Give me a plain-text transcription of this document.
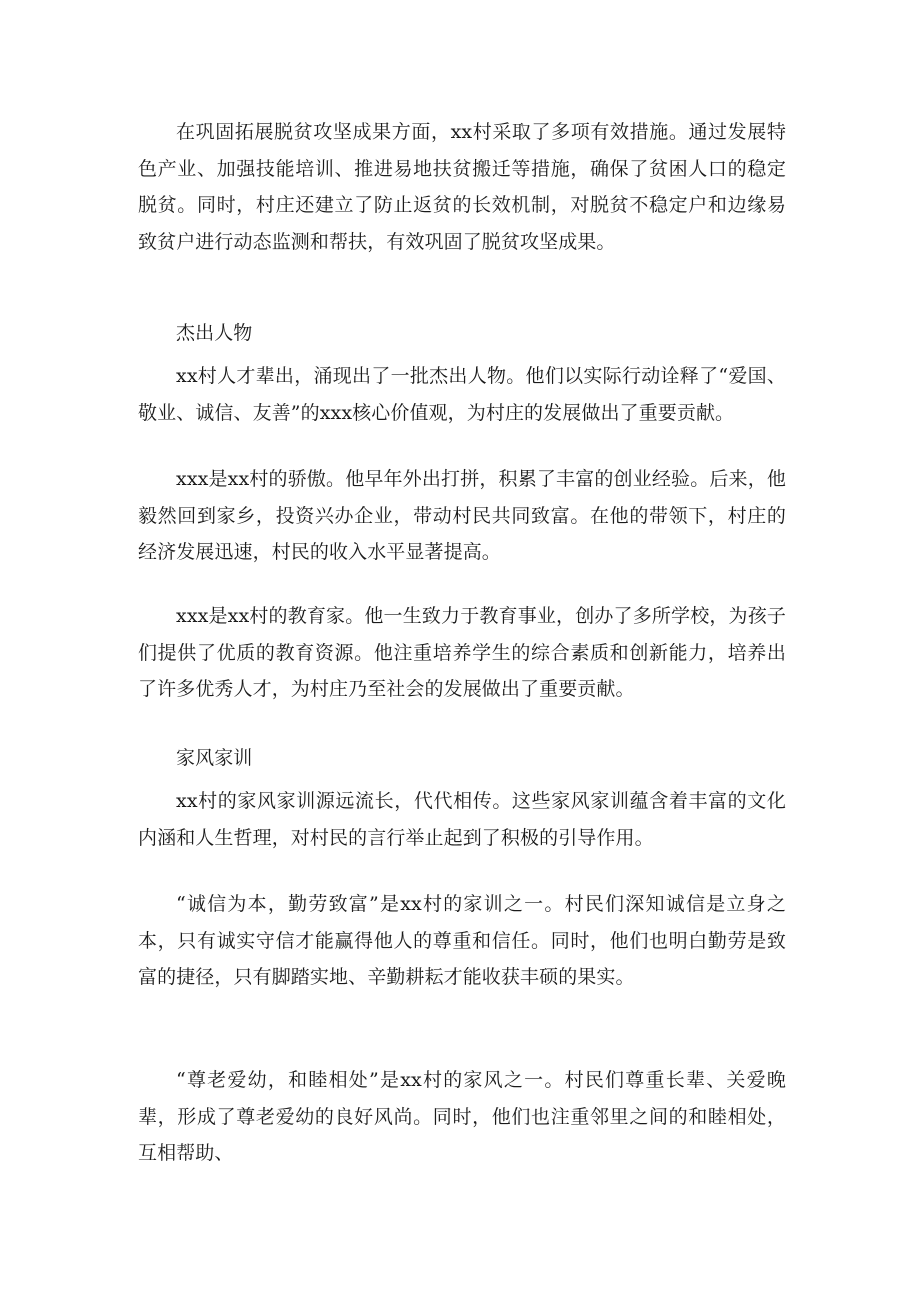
在巩固拓展脱贫攻坚成果方面，xx村采取了多项有效措施。通过发展特色产业、加强技能培训、推进易地扶贫搬迁等措施，确保了贫困人口的稳定脱贫。同时，村庄还建立了防止返贫的长效机制，对脱贫不稳定户和边缘易致贫户进行动态监测和帮扶，有效巩固了脱贫攻坚成果。

杰出人物

xx村人才辈出，涌现出了一批杰出人物。他们以实际行动诠释了“爱国、敬业、诚信、友善”的xxx核心价值观，为村庄的发展做出了重要贡献。

xxx是xx村的骄傲。他早年外出打拼，积累了丰富的创业经验。后来，他毅然回到家乡，投资兴办企业，带动村民共同致富。在他的带领下，村庄的经济发展迅速，村民的收入水平显著提高。

xxx是xx村的教育家。他一生致力于教育事业，创办了多所学校，为孩子们提供了优质的教育资源。他注重培养学生的综合素质和创新能力，培养出了许多优秀人才，为村庄乃至社会的发展做出了重要贡献。

家风家训

xx村的家风家训源远流长，代代相传。这些家风家训蕴含着丰富的文化内涵和人生哲理，对村民的言行举止起到了积极的引导作用。

“诚信为本，勤劳致富”是xx村的家训之一。村民们深知诚信是立身之本，只有诚实守信才能赢得他人的尊重和信任。同时，他们也明白勤劳是致富的捷径，只有脚踏实地、辛勤耕耘才能收获丰硕的果实。

“尊老爱幼，和睦相处”是xx村的家风之一。村民们尊重长辈、关爱晚辈，形成了尊老爱幼的良好风尚。同时，他们也注重邻里之间的和睦相处，互相帮助、
